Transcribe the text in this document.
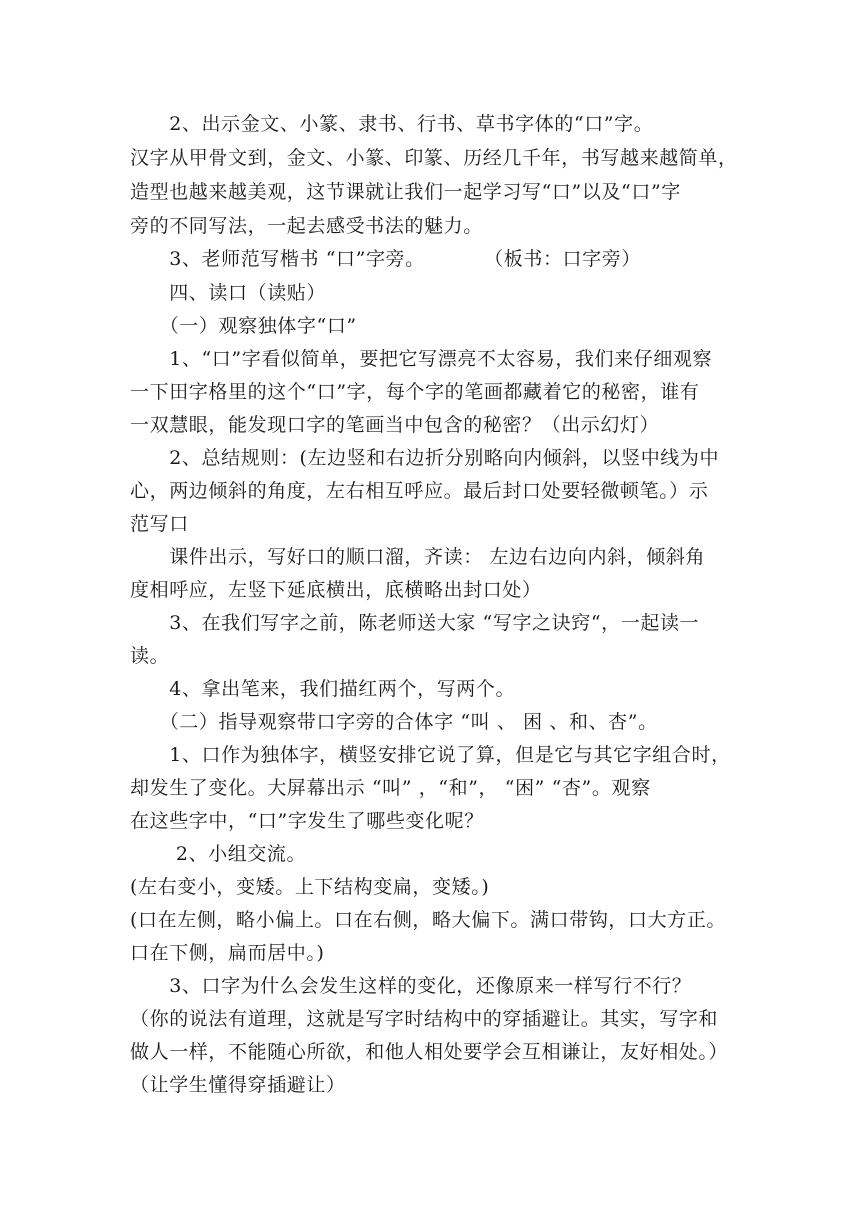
　　2、出示金文、小篆、隶书、行书、草书字体的“口”字。
汉字从甲骨文到，金文、小篆、印篆、历经几千年，书写越来越简单，
造型也越来越美观，这节课就让我们一起学习写“口”以及“口”字
旁的不同写法，一起去感受书法的魅力。
　　3、老师范写楷书 “口”字旁。　　　　（板书：口字旁）
　　四、读口（读贴）
　　（一）观察独体字“口”
　　1、“口”字看似简单，要把它写漂亮不太容易，我们来仔细观察
一下田字格里的这个“口”字，每个字的笔画都藏着它的秘密，谁有
一双慧眼，能发现口字的笔画当中包含的秘密？（出示幻灯）
　　2、总结规则：(左边竖和右边折分别略向内倾斜，以竖中线为中
心，两边倾斜的角度，左右相互呼应。最后封口处要轻微顿笔。）示
范写口
　　课件出示，写好口的顺口溜，齐读： 左边右边向内斜，倾斜角
度相呼应，左竖下延底横出，底横略出封口处）
　　3、在我们写字之前，陈老师送大家 “写字之诀窍“，一起读一
读。
　　4、拿出笔来，我们描红两个，写两个。
　　（二）指导观察带口字旁的合体字 “叫 、 困 、和、杏”。
　　1、口作为独体字，横竖安排它说了算，但是它与其它字组合时，
却发生了变化。大屏幕出示 “叫” ，“和”， “困” “杏”。观察
在这些字中，“口”字发生了哪些变化呢？
　　 2、小组交流。
(左右变小，变矮。上下结构变扁，变矮。)
(口在左侧，略小偏上。口在右侧，略大偏下。满口带钩，口大方正。
口在下侧，扁而居中。)
　　3、口字为什么会发生这样的变化，还像原来一样写行不行？
（你的说法有道理，这就是写字时结构中的穿插避让。其实，写字和
做人一样，不能随心所欲，和他人相处要学会互相谦让，友好相处。）
（让学生懂得穿插避让）
